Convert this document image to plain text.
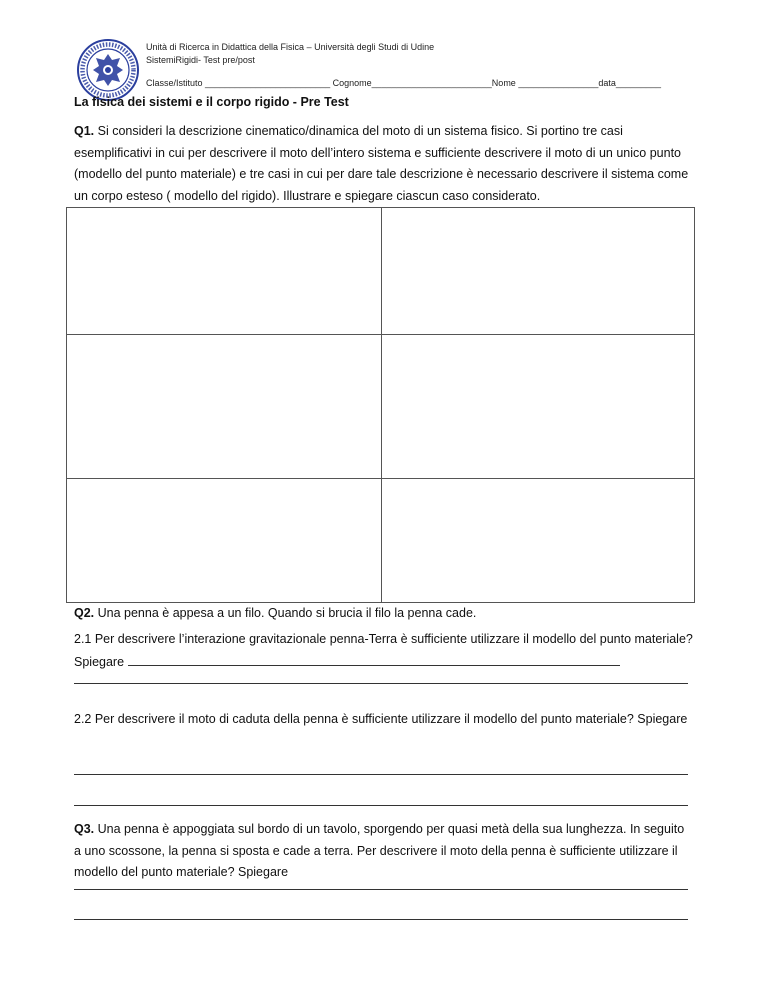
Unità di Ricerca in Didattica della Fisica – Università degli Studi di Udine
SistemiRigidi- Test pre/post
Classe/Istituto _________________________ Cognome________________________Nome ________________data_________
La fisica dei sistemi e il corpo rigido - Pre Test
Q1. Si consideri la descrizione cinematico/dinamica del moto di un sistema fisico. Si portino tre casi esemplificativi in cui per descrivere il moto dell’intero sistema e sufficiente descrivere il moto di un unico punto (modello del punto materiale) e tre casi in cui per dare tale descrizione è necessario descrivere il sistema come un corpo esteso ( modello del rigido). Illustrare e spiegare ciascun caso considerato.
Q2. Una penna è appesa a un filo. Quando si brucia il filo la penna cade.
2.1 Per descrivere l’interazione gravitazionale penna-Terra è sufficiente utilizzare il modello del punto materiale? Spiegare
2.2 Per descrivere il moto di caduta della penna è sufficiente utilizzare il modello del punto materiale? Spiegare
Q3. Una penna è appoggiata sul bordo di un tavolo, sporgendo per quasi metà della sua lunghezza. In seguito a uno scossone, la penna si sposta e cade a terra. Per descrivere il moto della penna è sufficiente utilizzare il modello del punto materiale? Spiegare
